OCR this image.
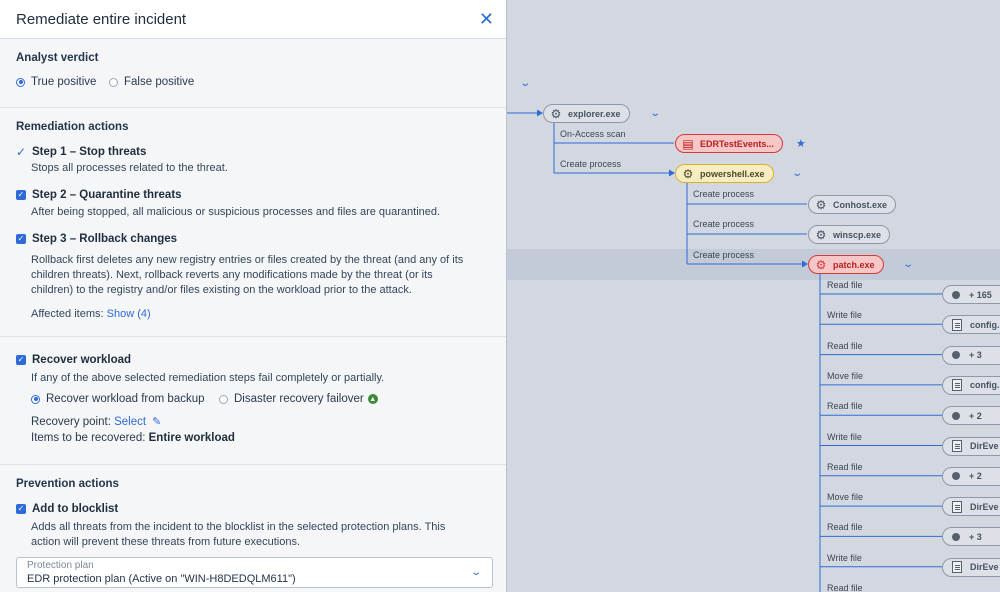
⌄
⚙ explorer.exe	⌄
On-Access scan
▤ EDRTestEvents... ★
Create process
⚙ powershell.exe	⌄
Create process
⚙ Conhost.exe
Create process
⚙ winscp.exe
Create process
⚙ patch.exe	⌄
Read file
+ 165
Write file
config.
Read file
+ 3
Move file
config.
Read file
+ 2
Write file
DirEve
Read file
+ 2
Move file
DirEve
Read file
+ 3
Write file
DirEve
Read file
Remediate entire incident	✕
Analyst verdict
True positive False positive
Remediation actions
✓ Step 1 – Stop threats
Stops all processes related to the threat.
✓ Step 2 – Quarantine threats
After being stopped, all malicious or suspicious processes and files are quarantined.
✓ Step 3 – Rollback changes
Rollback first deletes any new registry entries or files created by the threat (and any of its
children threats). Next, rollback reverts any modifications made by the threat (or its
children) to the registry and/or files existing on the workload prior to the attack.
Affected items: Show (4)
✓ Recover workload
If any of the above selected remediation steps fail completely or partially.
Recover workload from backup	Disaster recovery failover ▲
Recovery point:
Select ✎
Items to be recovered:
Entire workload
Prevention actions
✓ Add to blocklist
Adds all threats from the incident to the blocklist in the selected protection plans. This
action will prevent these threats from future executions.
Protection plan
EDR protection plan (Active on "WIN-H8DEDQLM611")
⌄
